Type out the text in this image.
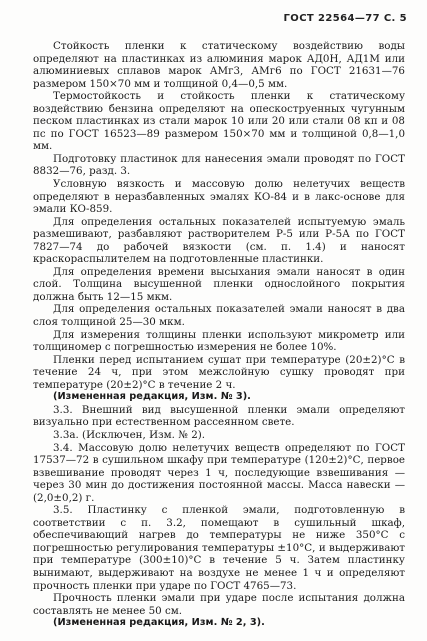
ГОСТ 22564—77 С. 5

Стойкость пленки к статическому воздействию воды определяют на пластинках из алюминия марок АД0Н, АД1М или алюминиевых сплавов марок АМг3, АМг6 по ГОСТ 21631—76 размером 150×70 мм и толщиной 0,4—0,5 мм.

Термостойкость и стойкость пленки к статическому воздействию бензина определяют на опескоструенных чугунным песком пластинках из стали марок 10 или 20 или стали 08 кп и 08 пс по ГОСТ 16523—89 размером 150×70 мм и толщиной 0,8—1,0 мм.

Подготовку пластинок для нанесения эмали проводят по ГОСТ 8832—76, разд. 3.

Условную вязкость и массовую долю нелетучих веществ определяют в неразбавленных эмалях КО-84 и в лакс-основе для эмали КО-859.

Для определения остальных показателей испытуемую эмаль размешивают, разбавляют растворителем Р-5 или Р-5А по ГОСТ 7827—74 до рабочей вязкости (см. п. 1.4) и наносят краскораспылителем на подготовленные пластинки.

Для определения времени высыхания эмали наносят в один слой. Толщина высушенной пленки однослойного покрытия должна быть 12—15 мкм.

Для определения остальных показателей эмали наносят в два слоя толщиной 25—30 мкм.

Для измерения толщины пленки используют микрометр или толщиномер с погрешностью измерения не более 10%.

Пленки перед испытанием сушат при температуре (20±2)°С в течение 24 ч, при этом межслойную сушку проводят при температуре (20±2)°С в течение 2 ч.

(Измененная редакция, Изм. № 3).

3.3. Внешний вид высушенной пленки эмали определяют визуально при естественном рассеянном свете.

3.3а. (Исключен, Изм. № 2).

3.4. Массовую долю нелетучих веществ определяют по ГОСТ 17537—72 в сушильном шкафу при температуре (120±2)°С, первое взвешивание проводят через 1 ч, последующие взвешивания — через 30 мин до достижения постоянной массы. Масса навески — (2,0±0,2) г.

3.5. Пластинку с пленкой эмали, подготовленную в соответствии с п. 3.2, помещают в сушильный шкаф, обеспечивающий нагрев до температуры не ниже 350°С с погрешностью регулирования температуры ±10°С, и выдерживают при температуре (300±10)°С в течение 5 ч. Затем пластинку вынимают, выдерживают на воздухе не менее 1 ч и определяют прочность пленки при ударе по ГОСТ 4765—73.

Прочность пленки эмали при ударе после испытания должна составлять не менее 50 см.

(Измененная редакция, Изм. № 2, 3).
